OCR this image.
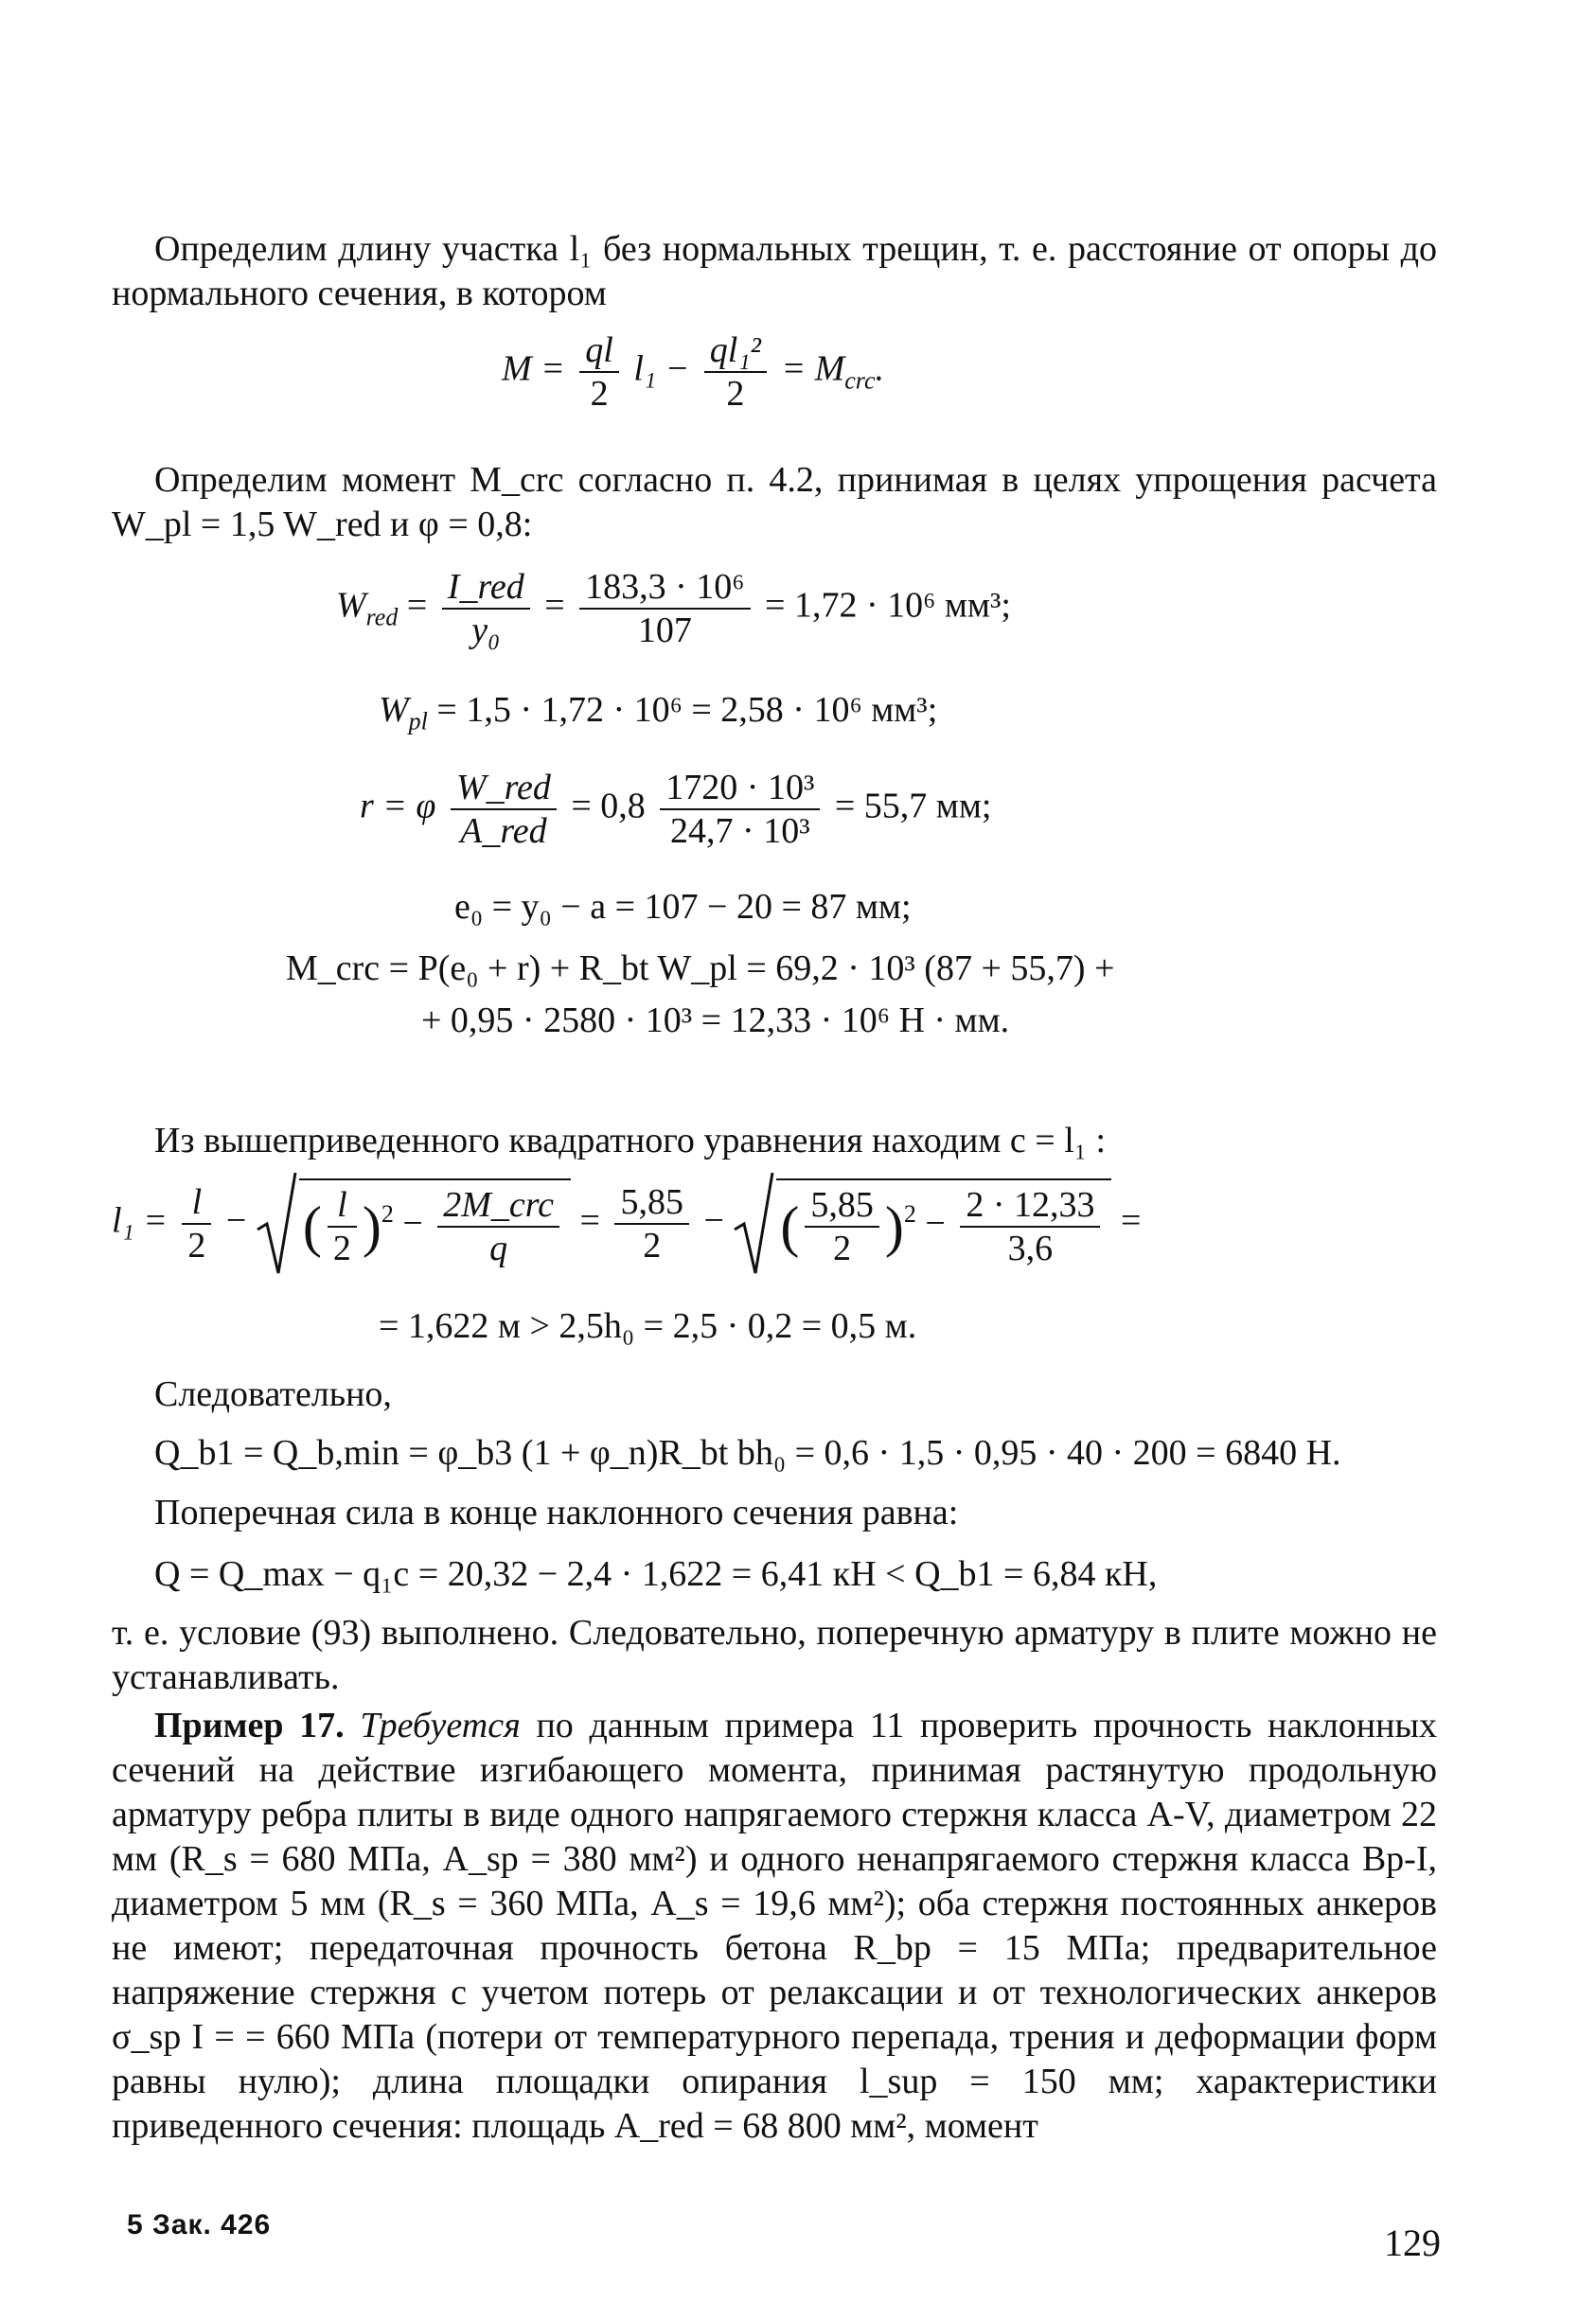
Определим длину участка l₁ без нормальных трещин, т. е. расстояние от опоры до нормального сечения, в котором
$M = \frac{ql}{2} l_1 - \frac{\text{ql₁²}}{2} = M_{crc}$.
Определим момент M_crc согласно п. 4.2, принимая в целях упрощения расчета W_pl = 1,5 W_red и φ = 0,8:
$W_{red} = \frac{\text{I\_red}}{\text{y₀}} = \frac{\text{183,3 · 10⁶}}{107} = 1,72 \cdot 10^6$ мм³;
$W_{pl} = 1,5 \cdot 1,72 \cdot 10^6 = 2,58 \cdot 10^6$ мм³;
r = φ $\frac{\text{W\_red}}{\text{A\_red}} = 0,8 \frac{\text{1720 · 10³}}{\text{24,7 · 10³}} = 55,7$ мм;
e₀ = y₀ − a = 107 − 20 = 87 мм;
M_crc = P(e₀ + r) + R_bt W_pl = 69,2 · 10³ (87 + 55,7) +
+ 0,95 · 2580 · 10³ = 12,33 · 10⁶ Н · мм.
Из вышеприведенного квадратного уравнения находим c = l₁ :
$l_1 = \frac{l}{2}$ − ( $\frac{l}{2} )^2 - \frac{\text{2M\_crc}}{q} = \frac{5,85}{2}$ − ( $\frac{5,85}{2} )^2 - \frac{2 \cdot 12,33}{3,6}$ =
= 1,622 м > 2,5h₀ = 2,5 · 0,2 = 0,5 м.
Следовательно,
Q_b1 = Q_b,min = φ_b3 (1 + φ_n)R_bt bh₀ = 0,6 · 1,5 · 0,95 · 40 · 200 = 6840 Н.
Поперечная сила в конце наклонного сечения равна:
Q = Q_max − q₁c = 20,32 − 2,4 · 1,622 = 6,41 кН < Q_b1 = 6,84 кН,
т. е. условие (93) выполнено. Следовательно, поперечную арматуру в плите можно не устанавливать.
Пример 17. Требуется по данным примера 11 проверить прочность наклонных сечений на действие изгибающего момента, принимая растянутую продольную арматуру ребра плиты в виде одного напрягаемого стержня класса A-V, диаметром 22 мм (R_s = 680 МПа, A_sp = 380 мм²) и одного ненапрягаемого стержня класса Вр-I, диаметром 5 мм (R_s = 360 МПа, A_s = 19,6 мм²); оба стержня постоянных анкеров не имеют; передаточная прочность бетона R_bp = 15 МПа; предварительное напряжение стержня с учетом потерь от релаксации и от технологических анкеров σ_sp I = = 660 МПа (потери от температурного перепада, трения и деформации форм равны нулю); длина площадки опирания l_sup = 150 мм; характеристики приведенного сечения: площадь A_red = 68 800 мм², момент
5 Зак. 426	129
